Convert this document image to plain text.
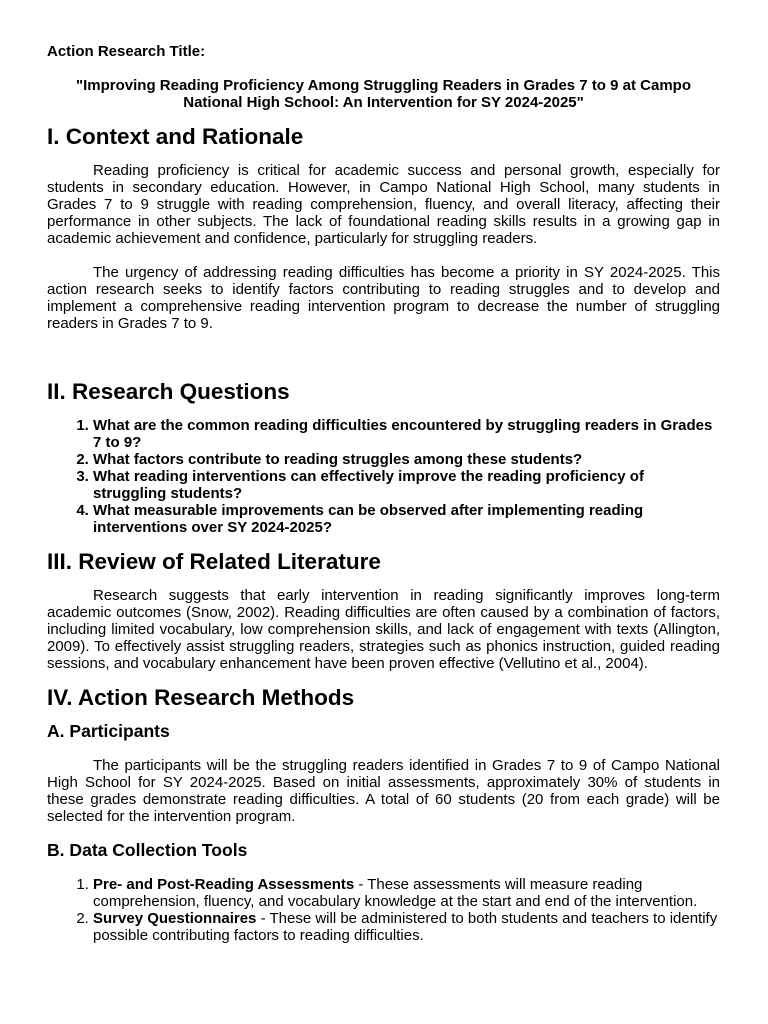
Action Research Title:

"Improving Reading Proficiency Among Struggling Readers in Grades 7 to 9 at Campo National High School: An Intervention for SY 2024-2025"

I. Context and Rationale

Reading proficiency is critical for academic success and personal growth, especially for students in secondary education. However, in Campo National High School, many students in Grades 7 to 9 struggle with reading comprehension, fluency, and overall literacy, affecting their performance in other subjects. The lack of foundational reading skills results in a growing gap in academic achievement and confidence, particularly for struggling readers.

The urgency of addressing reading difficulties has become a priority in SY 2024-2025. This action research seeks to identify factors contributing to reading struggles and to develop and implement a comprehensive reading intervention program to decrease the number of struggling readers in Grades 7 to 9.

II. Research Questions
1. What are the common reading difficulties encountered by struggling readers in Grades 7 to 9?
2. What factors contribute to reading struggles among these students?
3. What reading interventions can effectively improve the reading proficiency of struggling students?
4. What measurable improvements can be observed after implementing reading interventions over SY 2024-2025?
III. Review of Related Literature

Research suggests that early intervention in reading significantly improves long-term academic outcomes (Snow, 2002). Reading difficulties are often caused by a combination of factors, including limited vocabulary, low comprehension skills, and lack of engagement with texts (Allington, 2009). To effectively assist struggling readers, strategies such as phonics instruction, guided reading sessions, and vocabulary enhancement have been proven effective (Vellutino et al., 2004).

IV. Action Research Methods
A. Participants

The participants will be the struggling readers identified in Grades 7 to 9 of Campo National High School for SY 2024-2025. Based on initial assessments, approximately 30% of students in these grades demonstrate reading difficulties. A total of 60 students (20 from each grade) will be selected for the intervention program.

B. Data Collection Tools
1. Pre- and Post-Reading Assessments - These assessments will measure reading comprehension, fluency, and vocabulary knowledge at the start and end of the intervention.
2. Survey Questionnaires - These will be administered to both students and teachers to identify possible contributing factors to reading difficulties.
